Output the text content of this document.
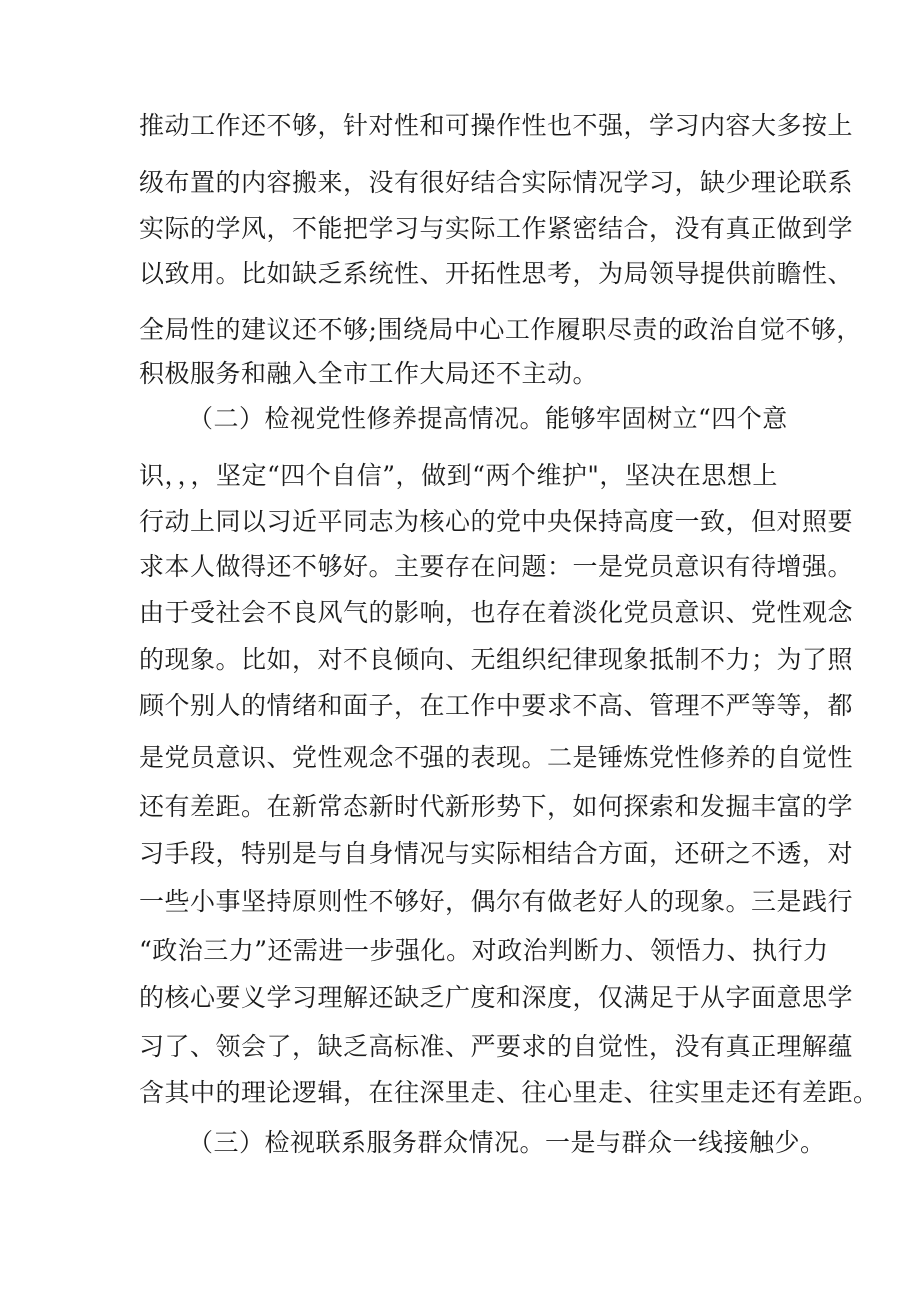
推动工作还不够，针对性和可操作性也不强，学习内容大多按上
级布置的内容搬来，没有很好结合实际情况学习，缺少理论联系
实际的学风，不能把学习与实际工作紧密结合，没有真正做到学
以致用。比如缺乏系统性、开拓性思考，为局领导提供前瞻性、
全局性的建议还不够;围绕局中心工作履职尽责的政治自觉不够，
积极服务和融入全市工作大局还不主动。
（二）检视党性修养提高情况。能够牢固树立“四个意
识，，，坚定“四个自信”，做到“两个维护"，坚决在思想上
行动上同以习近平同志为核心的党中央保持高度一致，但对照要
求本人做得还不够好。主要存在问题：一是党员意识有待增强。
由于受社会不良风气的影响，也存在着淡化党员意识、党性观念
的现象。比如，对不良倾向、无组织纪律现象抵制不力；为了照
顾个别人的情绪和面子，在工作中要求不高、管理不严等等，都
是党员意识、党性观念不强的表现。二是锤炼党性修养的自觉性
还有差距。在新常态新时代新形势下，如何探索和发掘丰富的学
习手段，特别是与自身情况与实际相结合方面，还研之不透，对
一些小事坚持原则性不够好，偶尔有做老好人的现象。三是践行
“政治三力”还需进一步强化。对政治判断力、领悟力、执行力
的核心要义学习理解还缺乏广度和深度，仅满足于从字面意思学
习了、领会了，缺乏高标准、严要求的自觉性，没有真正理解蕴
含其中的理论逻辑，在往深里走、往心里走、往实里走还有差距。
（三）检视联系服务群众情况。一是与群众一线接触少。
